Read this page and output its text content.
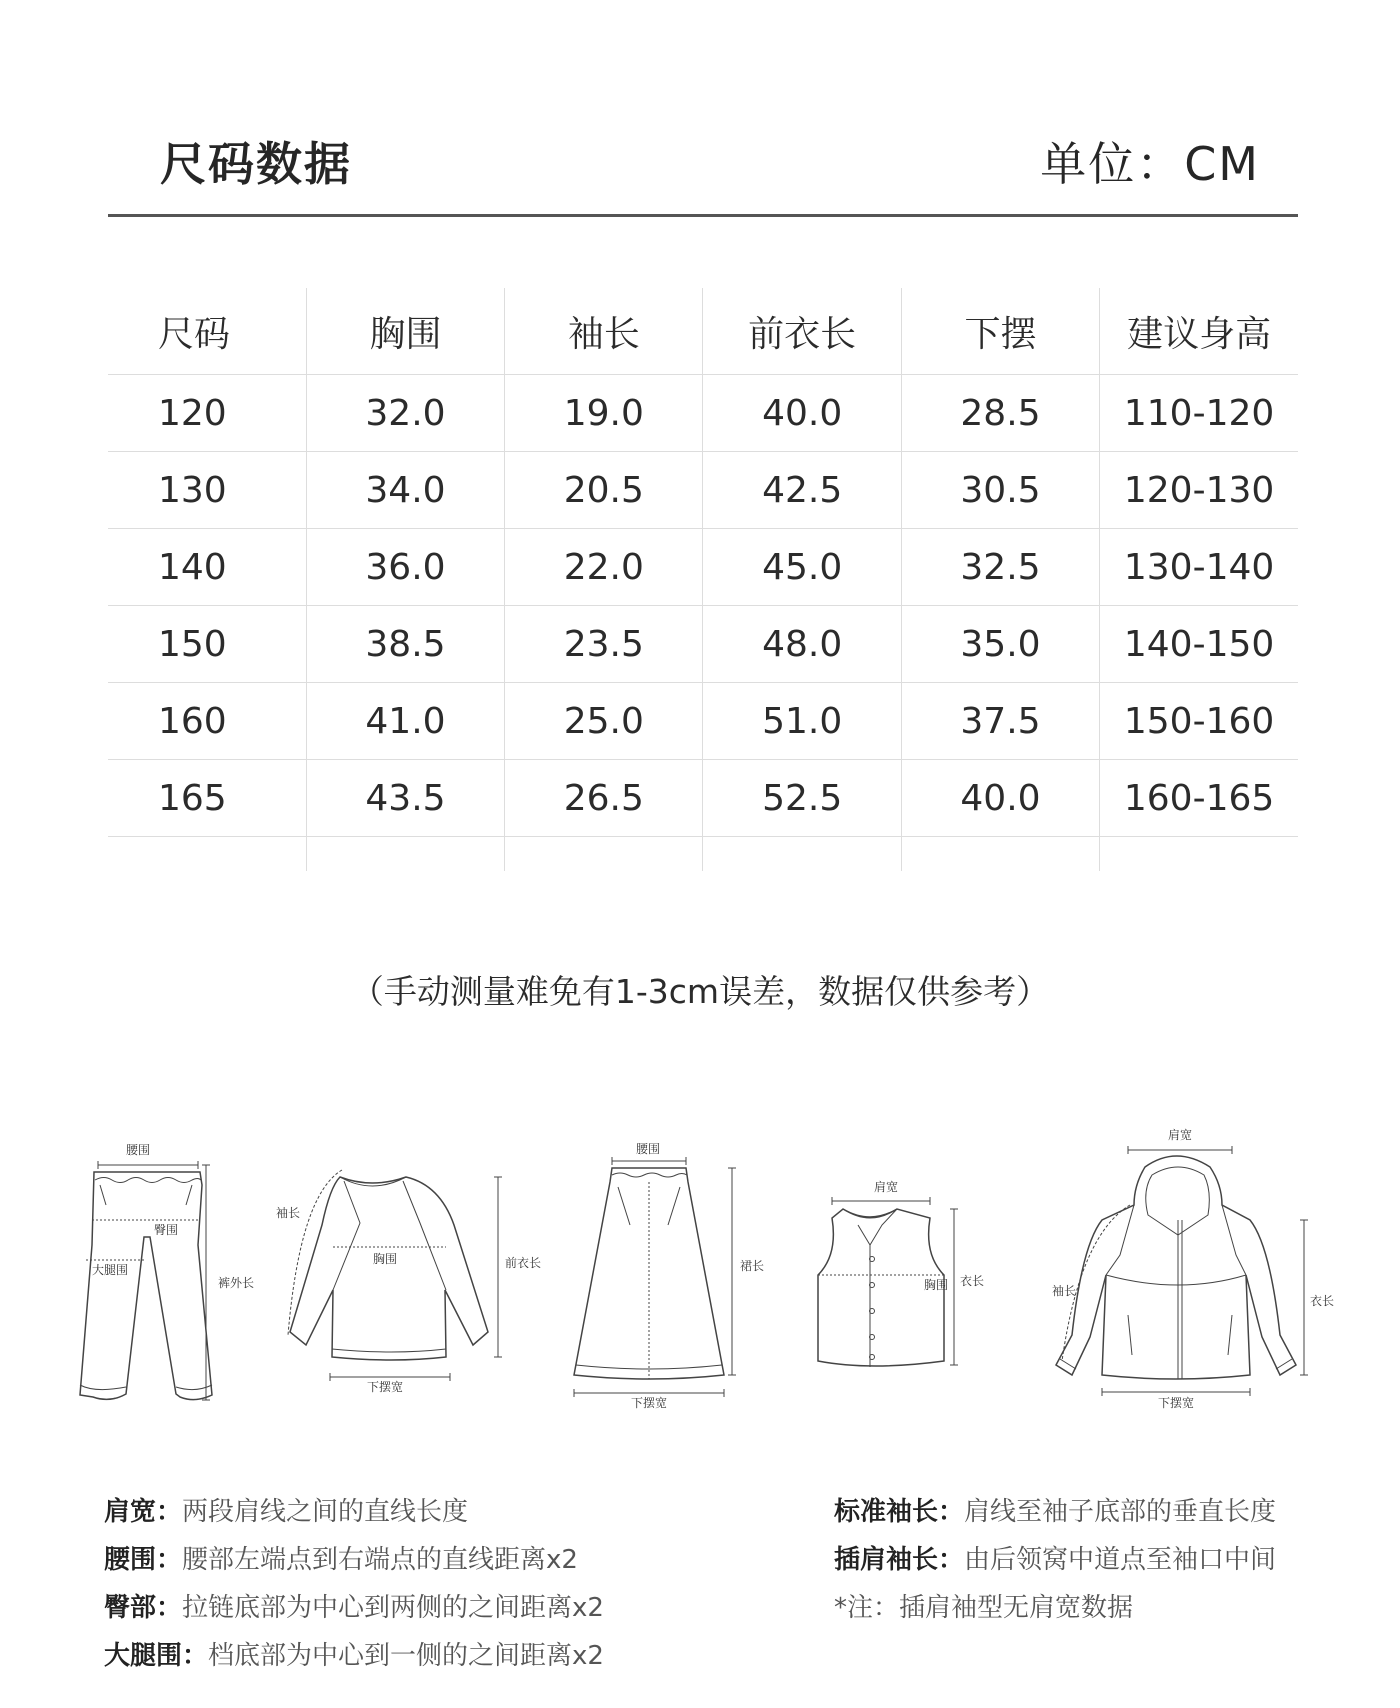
尺码数据	单位：CM
尺码	胸围	袖长	前衣长	下摆	建议身高
120	32.0	19.0	40.0	28.5	110-120
130	34.0	20.5	42.5	30.5	120-130
140	36.0	22.0	45.0	32.5	130-140
150	38.5	23.5	48.0	35.0	140-150
160	41.0	25.0	51.0	37.5	150-160
165	43.5	26.5	52.5	40.0	160-165

（手动测量难免有1-3cm误差，数据仅供参考）
腰围
臀围
大腿围
裤外长
袖长
胸围	前衣长
下摆宽
腰围
裙长
下摆宽
肩宽
胸围 衣长
肩宽
袖长
衣长
下摆宽
肩宽：两段肩线之间的直线长度
腰围：腰部左端点到右端点的直线距离x2
臀部：拉链底部为中心到两侧的之间距离x2
大腿围：档底部为中心到一侧的之间距离x2
标准袖长：肩线至袖子底部的垂直长度
插肩袖长：由后领窝中道点至袖口中间
*注：插肩袖型无肩宽数据
